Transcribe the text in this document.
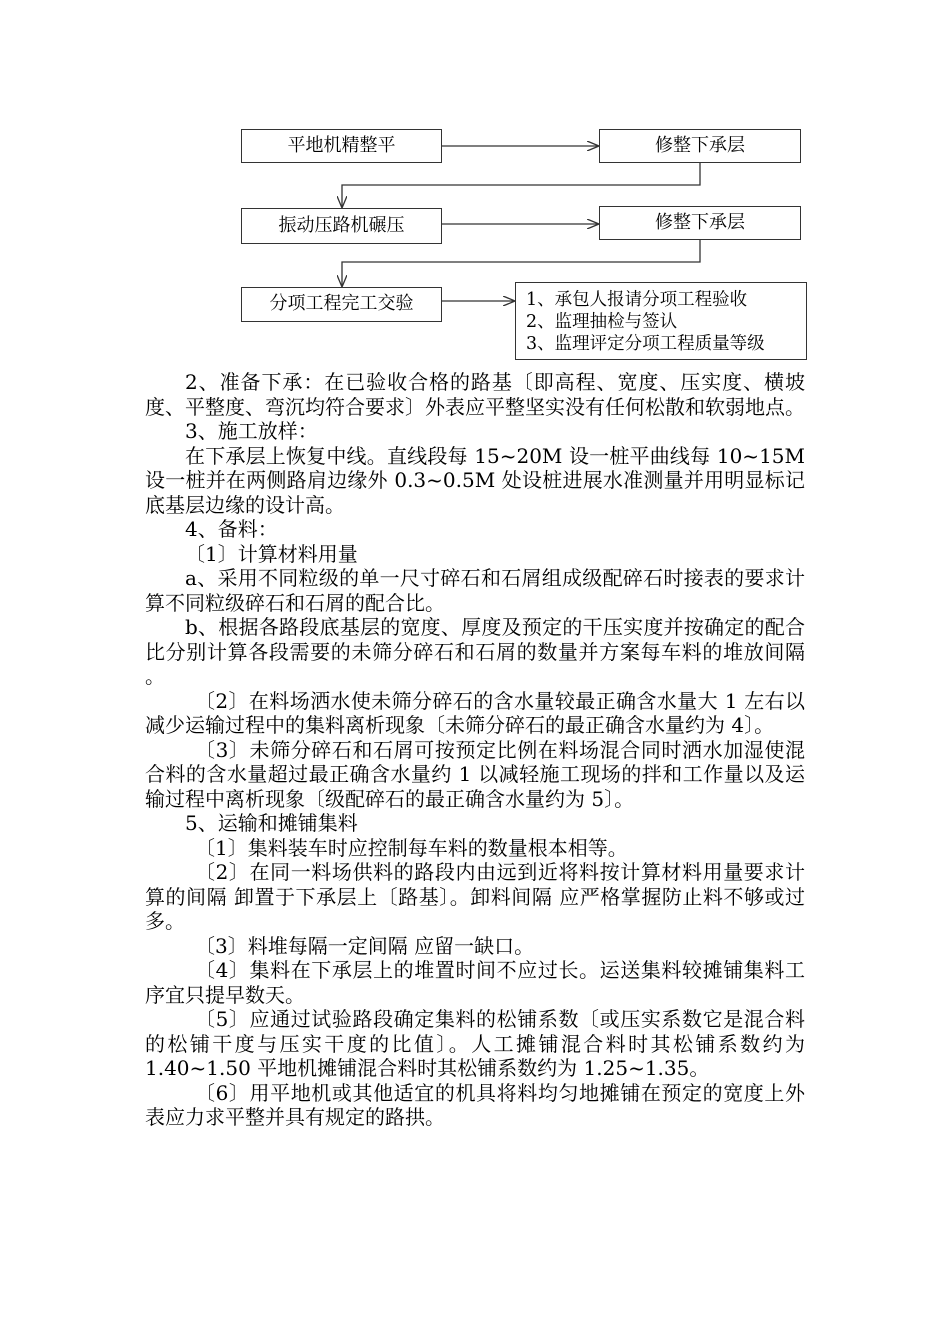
平地机精整平	修整下承层
振动压路机碾压	修整下承层
分项工程完工交验	1、承包人报请分项工程验收
2、监理抽检与签认
3、监理评定分项工程质量等级

2、准备下承：在已验收合格的路基〔即高程、宽度、压实度、横坡度、平整度、弯沉均符合要求〕外表应平整坚实没有任何松散和软弱地点。

3、施工放样：

在下承层上恢复中线。直线段每 15~20M 设一桩平曲线每 10~15M 设一桩并在两侧路肩边缘外 0.3~0.5M 处设桩进展水准测量并用明显标记底基层边缘的设计高。

4、备料：

〔1〕计算材料用量

a、采用不同粒级的单一尺寸碎石和石屑组成级配碎石时接表的要求计算不同粒级碎石和石屑的配合比。

b、根据各路段底基层的宽度、厚度及预定的干压实度并按确定的配合比分别计算各段需要的未筛分碎石和石屑的数量并方案每车料的堆放间隔 。

〔2〕在料场洒水使未筛分碎石的含水量较最正确含水量大 1 左右以减少运输过程中的集料离析现象〔未筛分碎石的最正确含水量约为 4〕。

〔3〕未筛分碎石和石屑可按预定比例在料场混合同时洒水加湿使混合料的含水量超过最正确含水量约 1 以减轻施工现场的拌和工作量以及运输过程中离析现象〔级配碎石的最正确含水量约为 5〕。

5、运输和摊铺集料

〔1〕集料装车时应控制每车料的数量根本相等。

〔2〕在同一料场供料的路段内由远到近将料按计算材料用量要求计算的间隔 卸置于下承层上〔路基〕。卸料间隔 应严格掌握防止料不够或过多。

〔3〕料堆每隔一定间隔 应留一缺口。

〔4〕集料在下承层上的堆置时间不应过长。运送集料较摊铺集料工序宜只提早数天。

〔5〕应通过试验路段确定集料的松铺系数〔或压实系数它是混合料的松铺干度与压实干度的比值〕。人工摊铺混合料时其松铺系数约为 1.40~1.50 平地机摊铺混合料时其松铺系数约为 1.25~1.35。

〔6〕用平地机或其他适宜的机具将料均匀地摊铺在预定的宽度上外表应力求平整并具有规定的路拱。
